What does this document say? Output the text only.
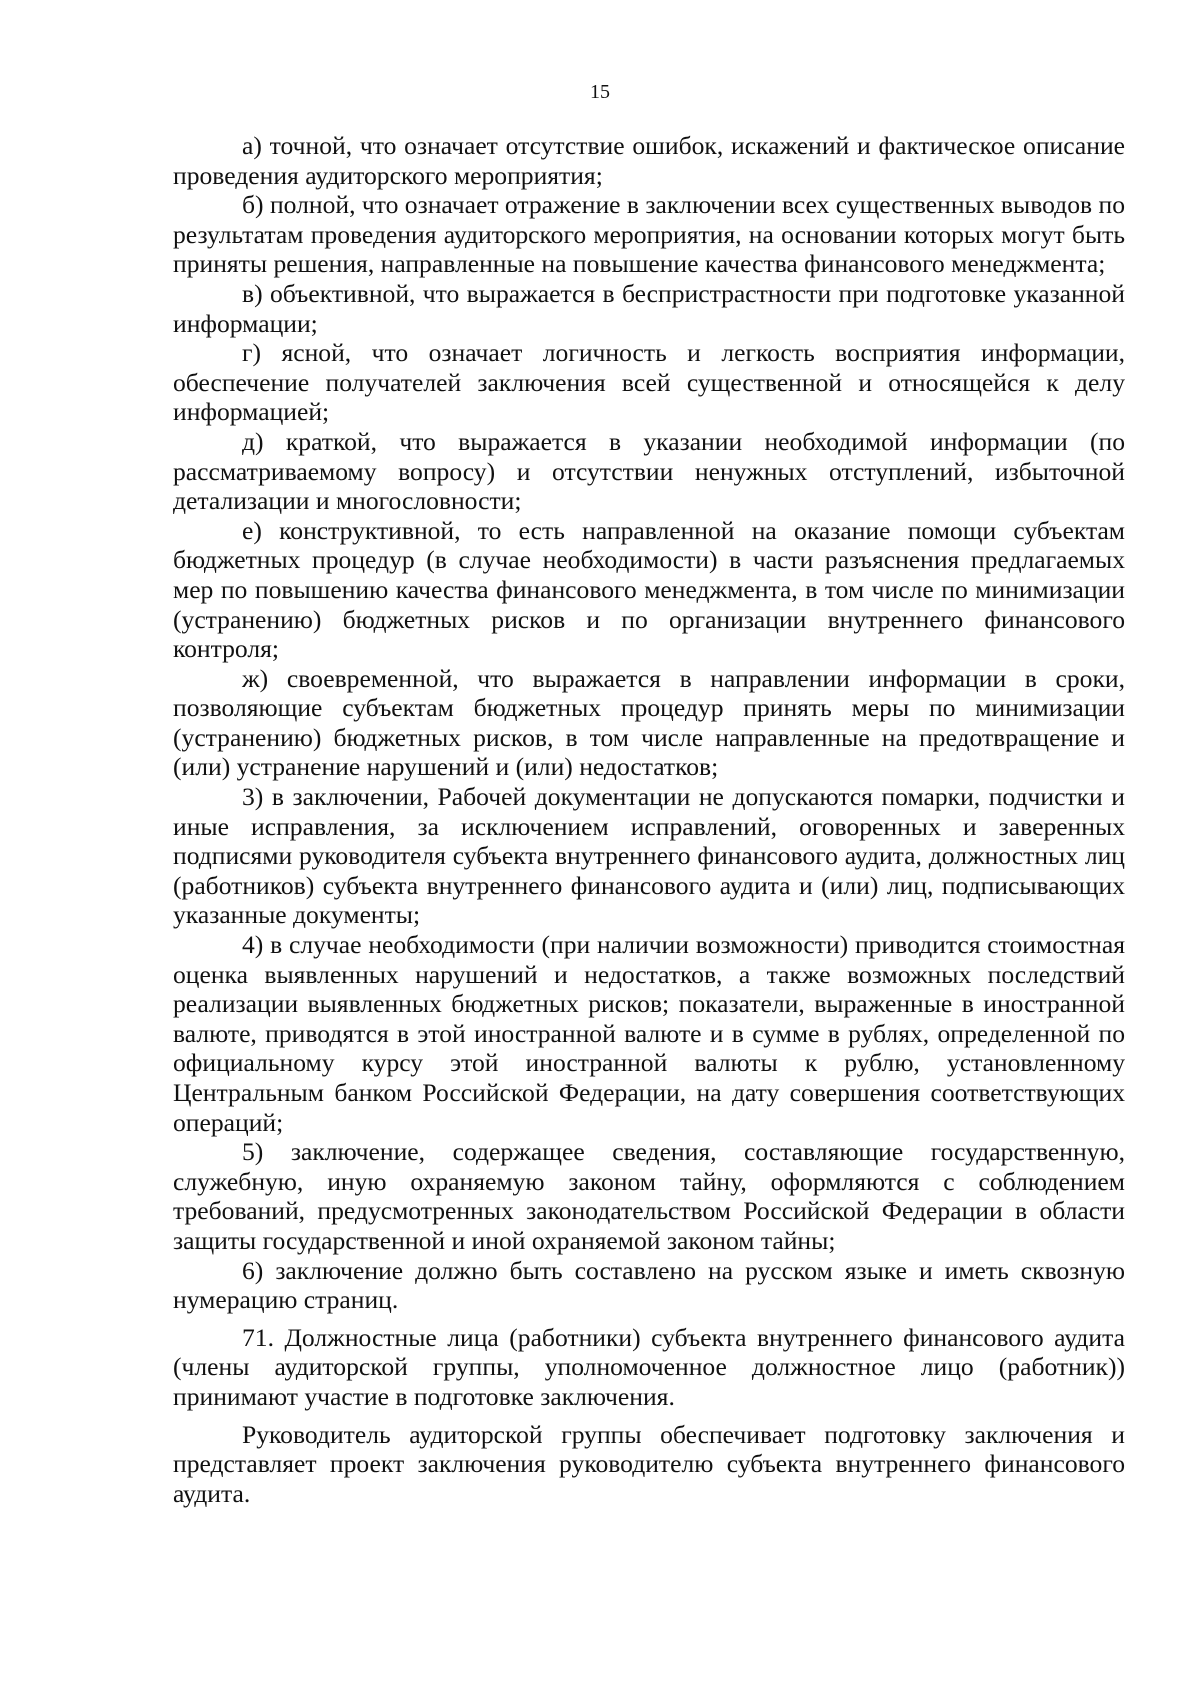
15

а) точной, что означает отсутствие ошибок, искажений и фактическое описание проведения аудиторского мероприятия;

б) полной, что означает отражение в заключении всех существенных выводов по результатам проведения аудиторского мероприятия, на основании которых могут быть приняты решения, направленные на повышение качества финансового менеджмента;

в) объективной, что выражается в беспристрастности при подготовке указанной информации;

г) ясной, что означает логичность и легкость восприятия информации, обеспечение получателей заключения всей существенной и относящейся к делу информацией;

д) краткой, что выражается в указании необходимой информации (по рассматриваемому вопросу) и отсутствии ненужных отступлений, избыточной детализации и многословности;

е) конструктивной, то есть направленной на оказание помощи субъектам бюджетных процедур (в случае необходимости) в части разъяснения предлагаемых мер по повышению качества финансового менеджмента, в том числе по минимизации (устранению) бюджетных рисков и по организации внутреннего финансового контроля;

ж) своевременной, что выражается в направлении информации в сроки, позволяющие субъектам бюджетных процедур принять меры по минимизации (устранению) бюджетных рисков, в том числе направленные на предотвращение и (или) устранение нарушений и (или) недостатков;

3) в заключении, Рабочей документации не допускаются помарки, подчистки и иные исправления, за исключением исправлений, оговоренных и заверенных подписями руководителя субъекта внутреннего финансового аудита, должностных лиц (работников) субъекта внутреннего финансового аудита и (или) лиц, подписывающих указанные документы;

4) в случае необходимости (при наличии возможности) приводится стоимостная оценка выявленных нарушений и недостатков, а также возможных последствий реализации выявленных бюджетных рисков; показатели, выраженные в иностранной валюте, приводятся в этой иностранной валюте и в сумме в рублях, определенной по официальному курсу этой иностранной валюты к рублю, установленному Центральным банком Российской Федерации, на дату совершения соответствующих операций;

5) заключение, содержащее сведения, составляющие государственную, служебную, иную охраняемую законом тайну, оформляются с соблюдением требований, предусмотренных законодательством Российской Федерации в области защиты государственной и иной охраняемой законом тайны;

6) заключение должно быть составлено на русском языке и иметь сквозную нумерацию страниц.

71. Должностные лица (работники) субъекта внутреннего финансового аудита (члены аудиторской группы, уполномоченное должностное лицо (работник)) принимают участие в подготовке заключения.

Руководитель аудиторской группы обеспечивает подготовку заключения и представляет проект заключения руководителю субъекта внутреннего финансового аудита.
